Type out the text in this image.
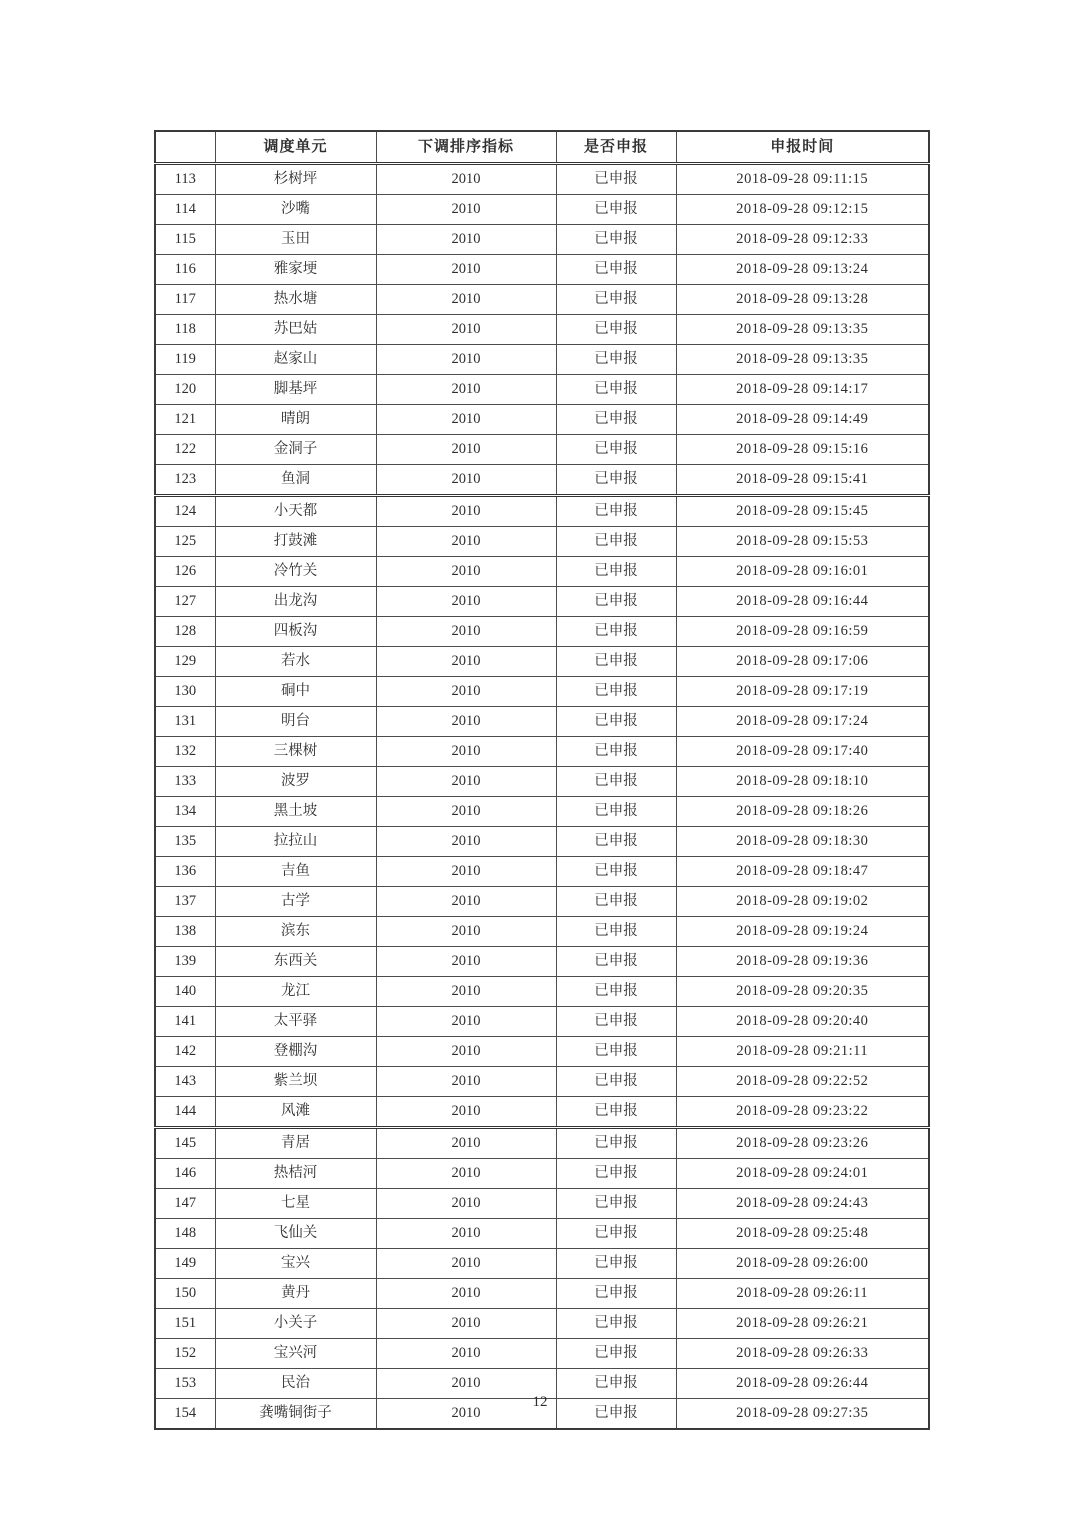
	调度单元	下调排序指标	是否申报	申报时间
113	杉树坪	2010	已申报	2018-09-28 09:11:15
114	沙嘴	2010	已申报	2018-09-28 09:12:15
115	玉田	2010	已申报	2018-09-28 09:12:33
116	雅家埂	2010	已申报	2018-09-28 09:13:24
117	热水塘	2010	已申报	2018-09-28 09:13:28
118	苏巴姑	2010	已申报	2018-09-28 09:13:35
119	赵家山	2010	已申报	2018-09-28 09:13:35
120	脚基坪	2010	已申报	2018-09-28 09:14:17
121	晴朗	2010	已申报	2018-09-28 09:14:49
122	金洞子	2010	已申报	2018-09-28 09:15:16
123	鱼洞	2010	已申报	2018-09-28 09:15:41
124	小天都	2010	已申报	2018-09-28 09:15:45
125	打鼓滩	2010	已申报	2018-09-28 09:15:53
126	冷竹关	2010	已申报	2018-09-28 09:16:01
127	出龙沟	2010	已申报	2018-09-28 09:16:44
128	四板沟	2010	已申报	2018-09-28 09:16:59
129	若水	2010	已申报	2018-09-28 09:17:06
130	硐中	2010	已申报	2018-09-28 09:17:19
131	明台	2010	已申报	2018-09-28 09:17:24
132	三棵树	2010	已申报	2018-09-28 09:17:40
133	波罗	2010	已申报	2018-09-28 09:18:10
134	黑土坡	2010	已申报	2018-09-28 09:18:26
135	拉拉山	2010	已申报	2018-09-28 09:18:30
136	吉鱼	2010	已申报	2018-09-28 09:18:47
137	古学	2010	已申报	2018-09-28 09:19:02
138	滨东	2010	已申报	2018-09-28 09:19:24
139	东西关	2010	已申报	2018-09-28 09:19:36
140	龙江	2010	已申报	2018-09-28 09:20:35
141	太平驿	2010	已申报	2018-09-28 09:20:40
142	登棚沟	2010	已申报	2018-09-28 09:21:11
143	紫兰坝	2010	已申报	2018-09-28 09:22:52
144	风滩	2010	已申报	2018-09-28 09:23:22
145	青居	2010	已申报	2018-09-28 09:23:26
146	热桔河	2010	已申报	2018-09-28 09:24:01
147	七星	2010	已申报	2018-09-28 09:24:43
148	飞仙关	2010	已申报	2018-09-28 09:25:48
149	宝兴	2010	已申报	2018-09-28 09:26:00
150	黄丹	2010	已申报	2018-09-28 09:26:11
151	小关子	2010	已申报	2018-09-28 09:26:21
152	宝兴河	2010	已申报	2018-09-28 09:26:33
153	民治	2010	已申报	2018-09-28 09:26:44
154	龚嘴铜街子	2010	已申报	2018-09-28 09:27:35
12
